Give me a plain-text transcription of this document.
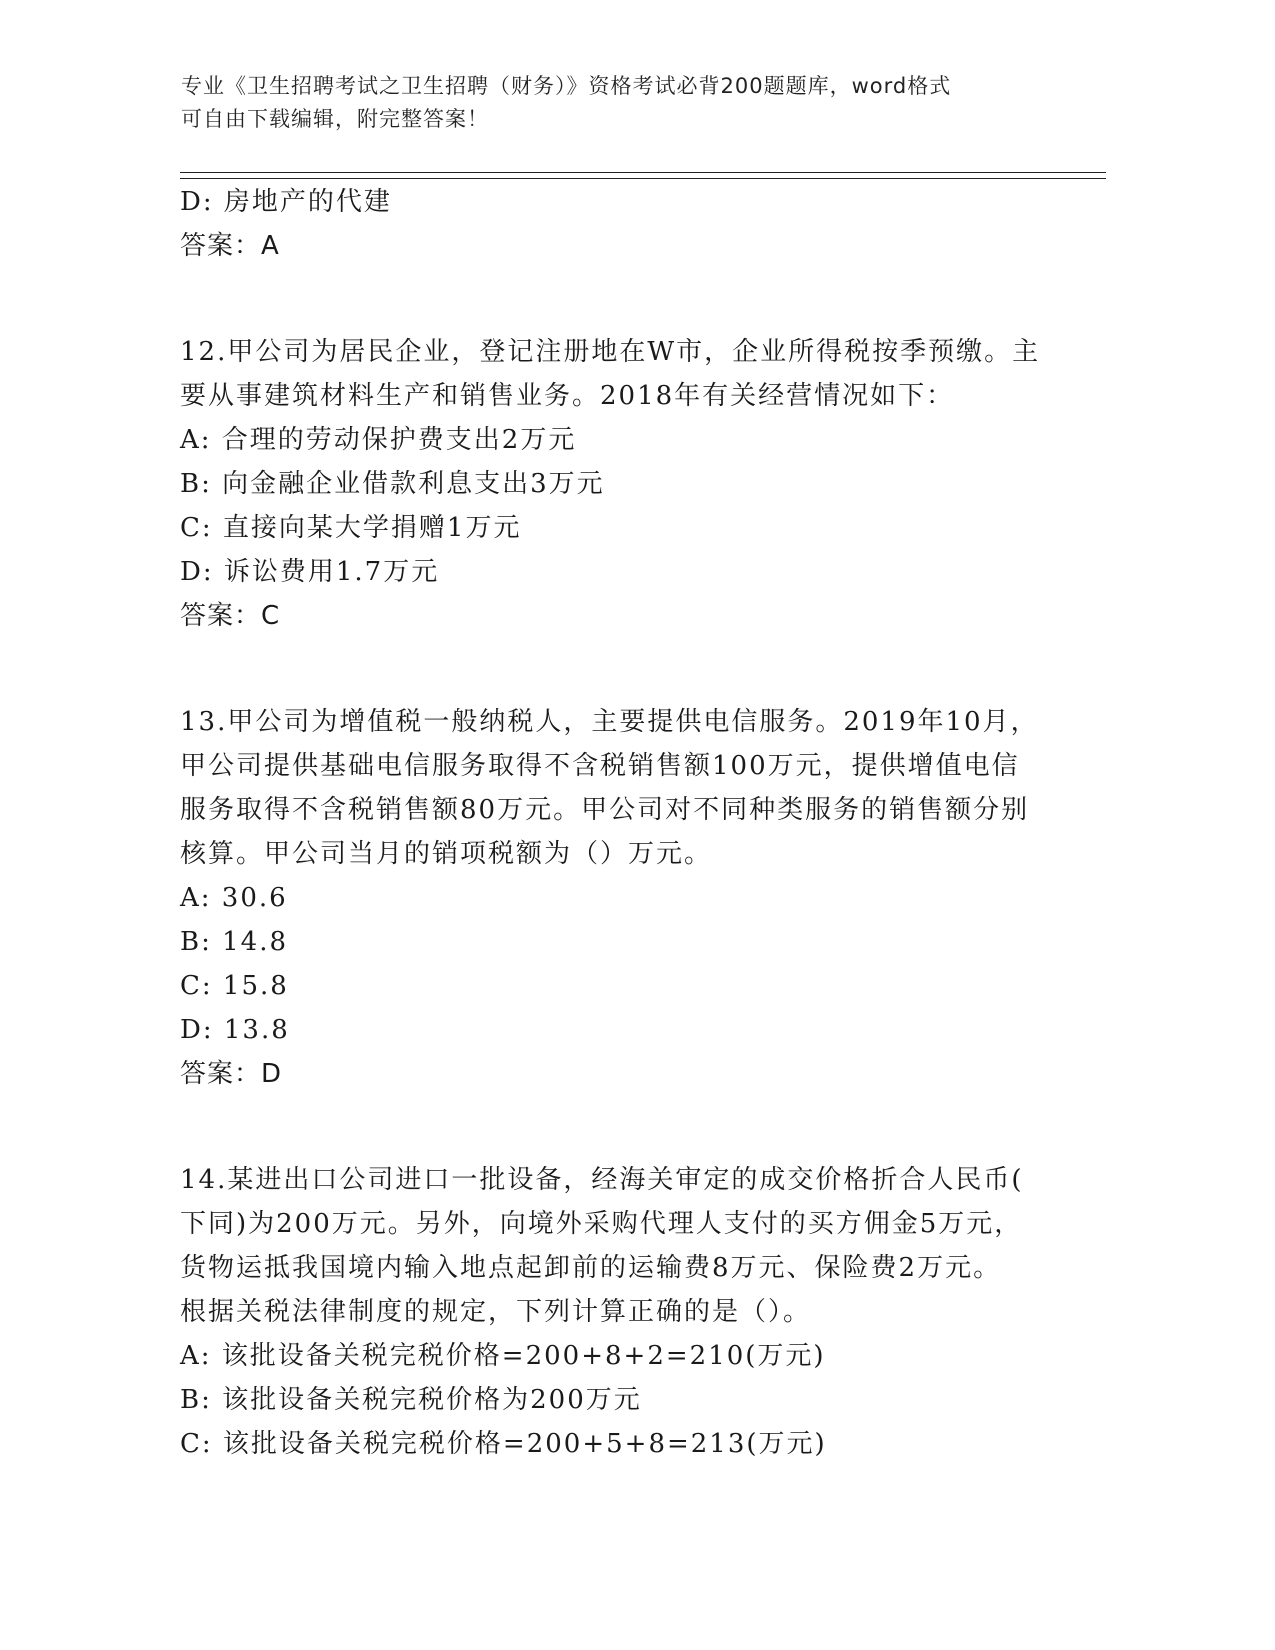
专业《卫生招聘考试之卫生招聘（财务）》资格考试必背200题题库，word格式
可自由下载编辑，附完整答案！
D: 房地产的代建
答案：A
12.甲公司为居民企业，登记注册地在W市，企业所得税按季预缴。主
要从事建筑材料生产和销售业务。2018年有关经营情况如下：
A: 合理的劳动保护费支出2万元
B: 向金融企业借款利息支出3万元
C: 直接向某大学捐赠1万元
D: 诉讼费用1.7万元
答案：C
13.甲公司为增值税一般纳税人，主要提供电信服务。2019年10月，
甲公司提供基础电信服务取得不含税销售额100万元，提供增值电信
服务取得不含税销售额80万元。甲公司对不同种类服务的销售额分别
核算。甲公司当月的销项税额为（）万元。
A: 30.6
B: 14.8
C: 15.8
D: 13.8
答案：D
14.某进出口公司进口一批设备，经海关审定的成交价格折合人民币(
下同)为200万元。另外，向境外采购代理人支付的买方佣金5万元，
货物运抵我国境内输入地点起卸前的运输费8万元、保险费2万元。
根据关税法律制度的规定，下列计算正确的是（）。
A: 该批设备关税完税价格=200+8+2=210(万元)
B: 该批设备关税完税价格为200万元
C: 该批设备关税完税价格=200+5+8=213(万元)
